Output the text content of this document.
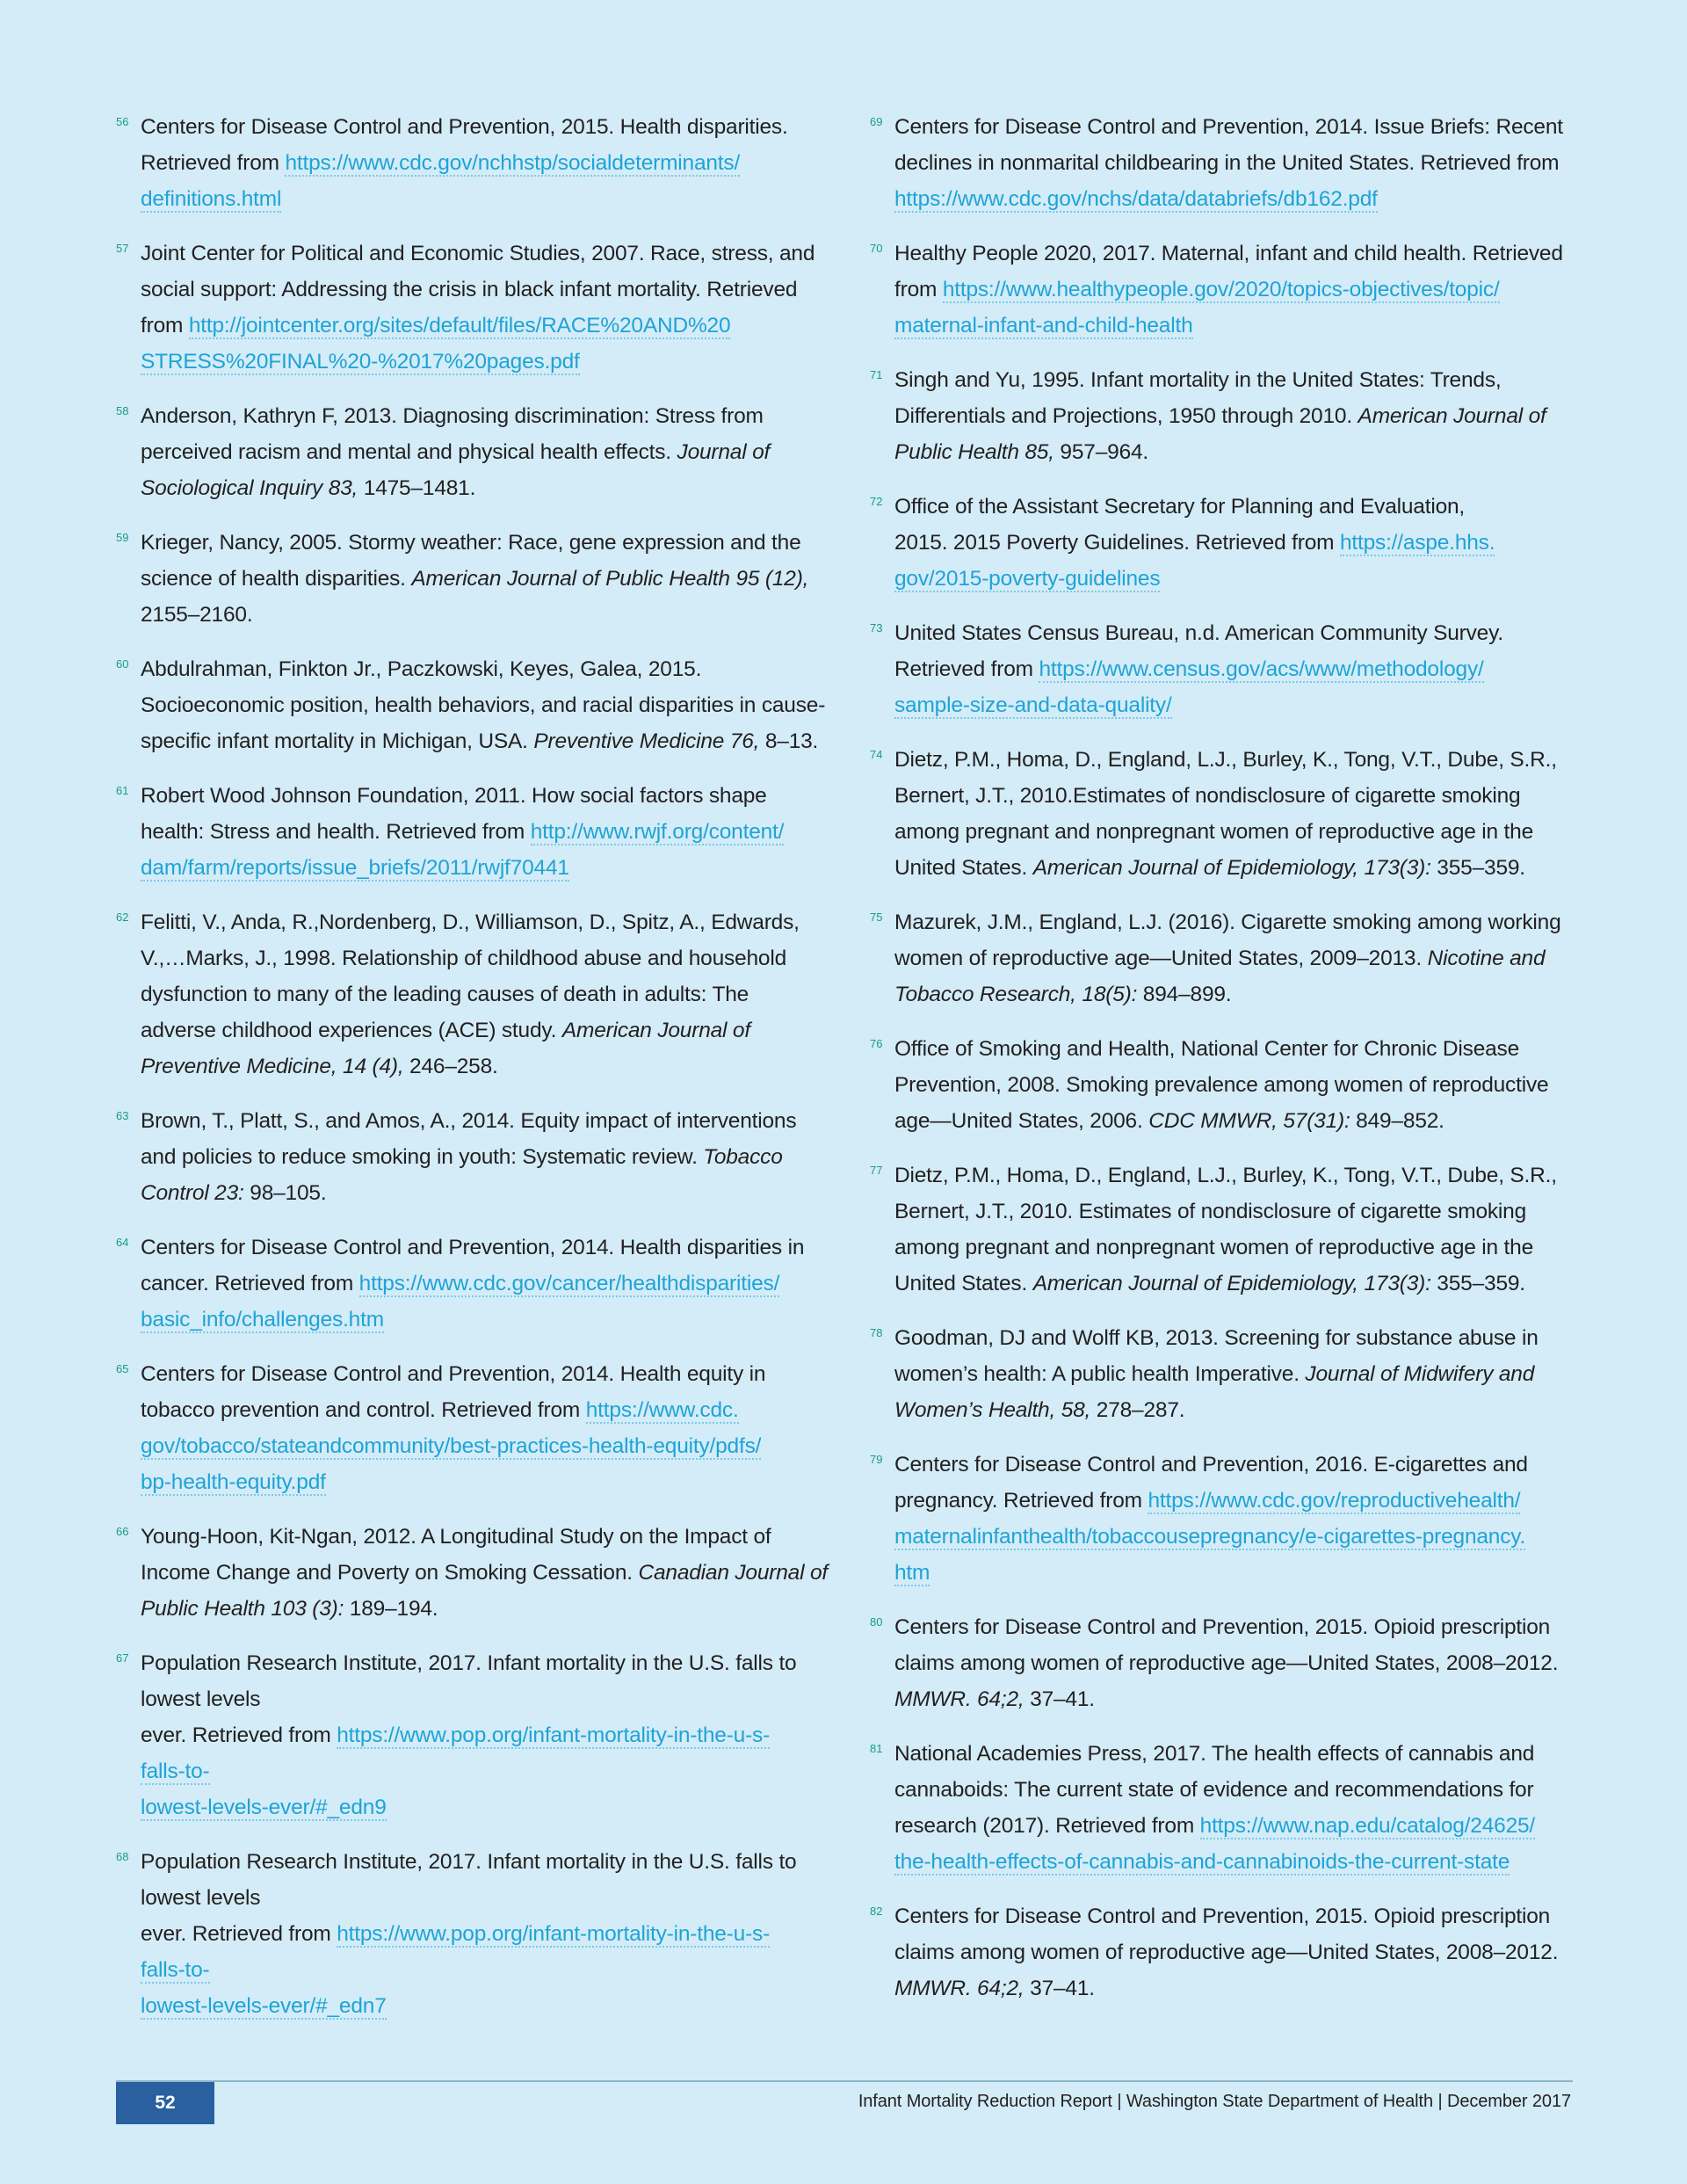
56 Centers for Disease Control and Prevention, 2015. Health disparities. Retrieved from https://www.cdc.gov/nchhstp/socialdeterminants/
definitions.html
57 Joint Center for Political and Economic Studies, 2007. Race, stress, and social support: Addressing the crisis in black infant mortality. Retrieved from http://jointcenter.org/sites/default/files/RACE%20AND%20
STRESS%20FINAL%20-%2017%20pages.pdf
58 Anderson, Kathryn F, 2013. Diagnosing discrimination: Stress from perceived racism and mental and physical health effects. Journal of Sociological Inquiry 83, 1475–1481.
59 Krieger, Nancy, 2005. Stormy weather: Race, gene expression and the science of health disparities. American Journal of Public Health 95 (12), 2155–2160.
60 Abdulrahman, Finkton Jr., Paczkowski, Keyes, Galea, 2015. Socioeconomic position, health behaviors, and racial disparities in cause-specific infant mortality in Michigan, USA. Preventive Medicine 76, 8–13.
61 Robert Wood Johnson Foundation, 2011. How social factors shape health: Stress and health. Retrieved from http://www.rwjf.org/content/
dam/farm/reports/issue_briefs/2011/rwjf70441
62 Felitti, V., Anda, R.,Nordenberg, D., Williamson, D., Spitz, A., Edwards, V.,…Marks, J., 1998. Relationship of childhood abuse and household dysfunction to many of the leading causes of death in adults: The adverse childhood experiences (ACE) study. American Journal of Preventive Medicine, 14 (4), 246–258.
63 Brown, T., Platt, S., and Amos, A., 2014. Equity impact of interventions and policies to reduce smoking in youth: Systematic review. Tobacco Control 23: 98–105.
64 Centers for Disease Control and Prevention, 2014. Health disparities in cancer. Retrieved from https://www.cdc.gov/cancer/healthdisparities/
basic_info/challenges.htm
65 Centers for Disease Control and Prevention, 2014. Health equity in tobacco prevention and control. Retrieved from https://www.cdc.
gov/tobacco/stateandcommunity/best-practices-health-equity/pdfs/
bp-health-equity.pdf
66 Young-Hoon, Kit-Ngan, 2012. A Longitudinal Study on the Impact of Income Change and Poverty on Smoking Cessation. Canadian Journal of Public Health 103 (3): 189–194.
67 Population Research Institute, 2017. Infant mortality in the U.S. falls to
lowest levels
ever. Retrieved from https://www.pop.org/infant-mortality-in-the-u-s-
falls-to-
lowest-levels-ever/#_edn9
68 Population Research Institute, 2017. Infant mortality in the U.S. falls to
lowest levels
ever. Retrieved from https://www.pop.org/infant-mortality-in-the-u-s-
falls-to-
lowest-levels-ever/#_edn7
69 Centers for Disease Control and Prevention, 2014. Issue Briefs: Recent declines in nonmarital childbearing in the United States. Retrieved from https://www.cdc.gov/nchs/data/databriefs/db162.pdf
70 Healthy People 2020, 2017. Maternal, infant and child health. Retrieved from https://www.healthypeople.gov/2020/topics-objectives/topic/
maternal-infant-and-child-health
71 Singh and Yu, 1995. Infant mortality in the United States: Trends, Differentials and Projections, 1950 through 2010. American Journal of Public Health 85, 957–964.
72 Office of the Assistant Secretary for Planning and Evaluation,
2015. 2015 Poverty Guidelines. Retrieved from https://aspe.hhs.
gov/2015-poverty-guidelines
73 United States Census Bureau, n.d. American Community Survey. Retrieved from https://www.census.gov/acs/www/methodology/
sample-size-and-data-quality/
74 Dietz, P.M., Homa, D., England, L.J., Burley, K., Tong, V.T., Dube, S.R., Bernert, J.T., 2010.Estimates of nondisclosure of cigarette smoking among pregnant and nonpregnant women of reproductive age in the United States. American Journal of Epidemiology, 173(3): 355–359.
75 Mazurek, J.M., England, L.J. (2016). Cigarette smoking among working women of reproductive age—United States, 2009–2013. Nicotine and Tobacco Research, 18(5): 894–899.
76 Office of Smoking and Health, National Center for Chronic Disease Prevention, 2008. Smoking prevalence among women of reproductive age—United States, 2006. CDC MMWR, 57(31): 849–852.
77 Dietz, P.M., Homa, D., England, L.J., Burley, K., Tong, V.T., Dube, S.R., Bernert, J.T., 2010. Estimates of nondisclosure of cigarette smoking among pregnant and nonpregnant women of reproductive age in the United States. American Journal of Epidemiology, 173(3): 355–359.
78 Goodman, DJ and Wolff KB, 2013. Screening for substance abuse in women’s health: A public health Imperative. Journal of Midwifery and Women’s Health, 58, 278–287.
79 Centers for Disease Control and Prevention, 2016. E-cigarettes and pregnancy. Retrieved from https://www.cdc.gov/reproductivehealth/
maternalinfanthealth/tobaccousepregnancy/e-cigarettes-pregnancy.
htm
80 Centers for Disease Control and Prevention, 2015. Opioid prescription claims among women of reproductive age—United States, 2008–2012. MMWR. 64;2, 37–41.
81 National Academies Press, 2017. The health effects of cannabis and cannaboids: The current state of evidence and recommendations for research (2017). Retrieved from https://www.nap.edu/catalog/24625/
the-health-effects-of-cannabis-and-cannabinoids-the-current-state
82 Centers for Disease Control and Prevention, 2015. Opioid prescription claims among women of reproductive age—United States, 2008–2012. MMWR. 64;2, 37–41.
52	Infant Mortality Reduction Report | Washington State Department of Health | December 2017
